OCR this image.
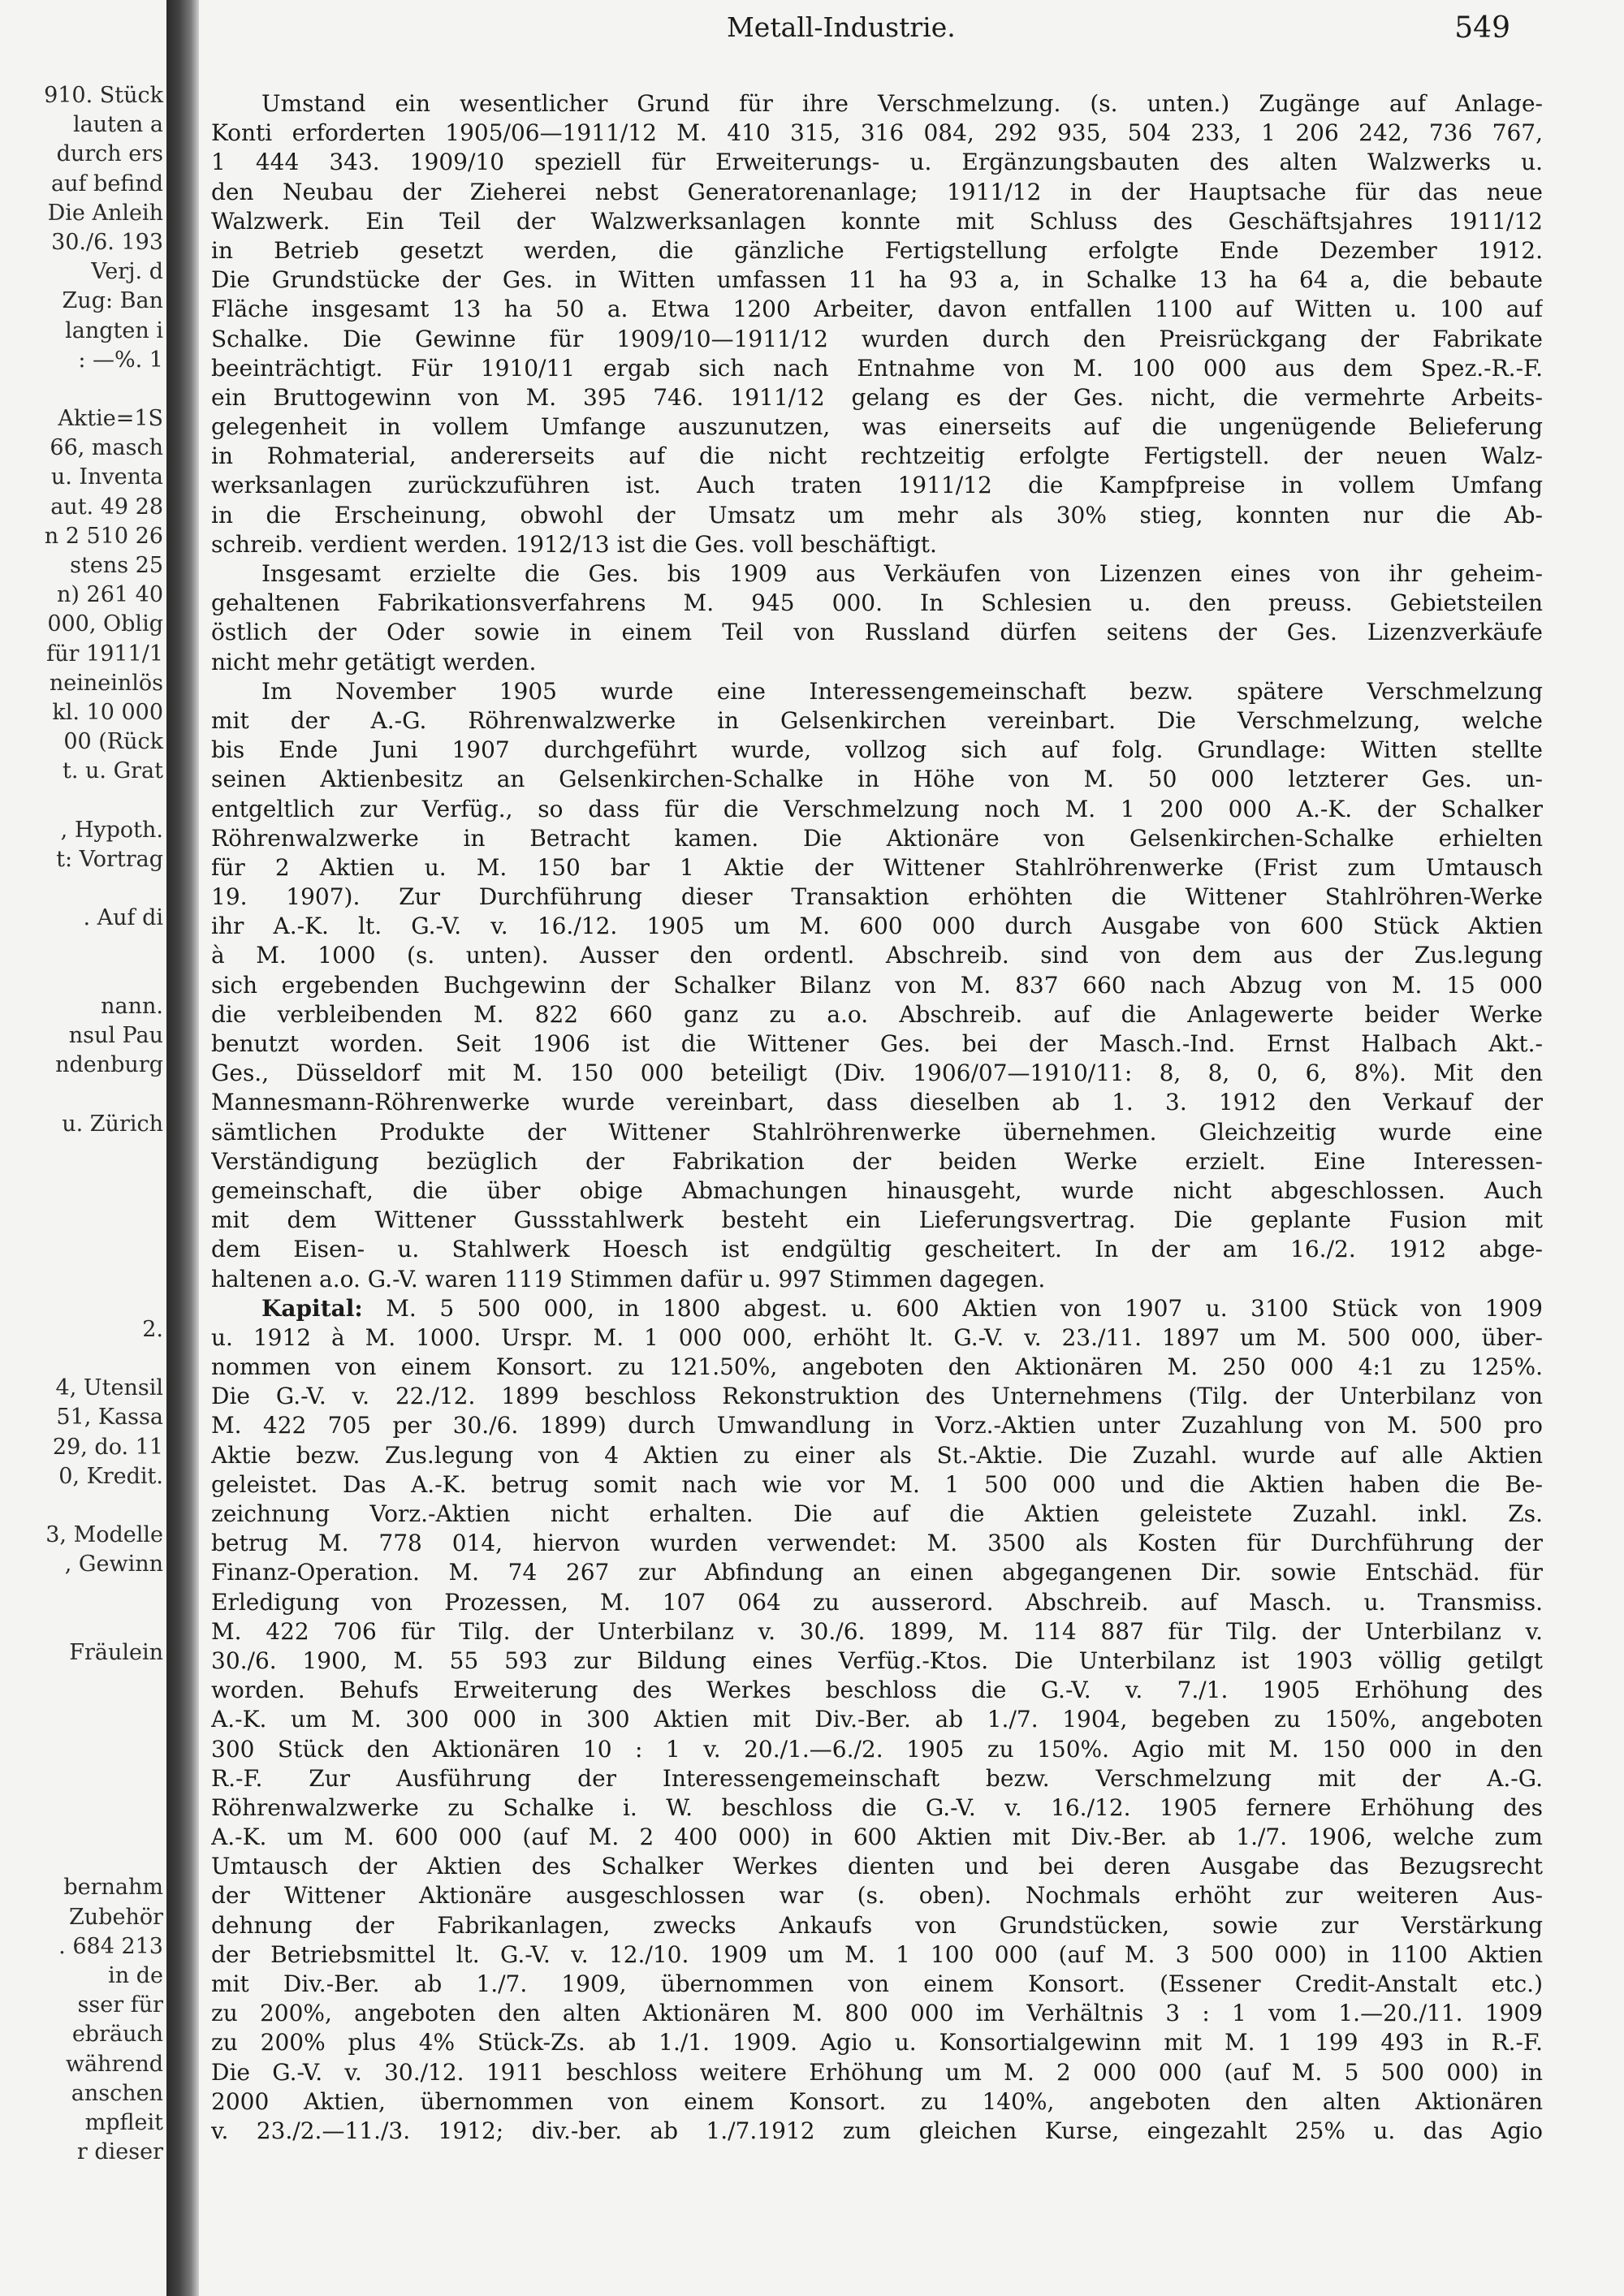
910. Stück
lauten a
durch ers
auf befind
Die Anleih
30./6. 193
Verj. d
Zug: Ban
langten i
: —%. 1
Aktie=1S
66, masch
u. Inventa
aut. 49 28
n 2 510 26
stens 25
n) 261 40
000, Oblig
für 1911/1
neineinlös
kl. 10 000
00 (Rück
t. u. Grat
, Hypoth.
t: Vortrag
. Auf di
nann.
nsul Pau
ndenburg
u. Zürich
2.
4, Utensil
51, Kassa
29, do. 11
0, Kredit.
3, Modelle
, Gewinn
Fräulein
bernahm
Zubehör
. 684 213
in de
sser für
ebräuch
während
anschen
mpfleit
r dieser
Metall-Industrie.	549
Umstand ein wesentlicher Grund für ihre Verschmelzung. (s. unten.) Zugänge auf Anlage-
Konti erforderten 1905/06—1911/12 M. 410 315, 316 084, 292 935, 504 233, 1 206 242, 736 767,
1 444 343. 1909/10 speziell für Erweiterungs- u. Ergänzungsbauten des alten Walzwerks u.
den Neubau der Zieherei nebst Generatorenanlage; 1911/12 in der Hauptsache für das neue
Walzwerk. Ein Teil der Walzwerksanlagen konnte mit Schluss des Geschäftsjahres 1911/12
in Betrieb gesetzt werden, die gänzliche Fertigstellung erfolgte Ende Dezember 1912.
Die Grundstücke der Ges. in Witten umfassen 11 ha 93 a, in Schalke 13 ha 64 a, die bebaute
Fläche insgesamt 13 ha 50 a. Etwa 1200 Arbeiter, davon entfallen 1100 auf Witten u. 100 auf
Schalke. Die Gewinne für 1909/10—1911/12 wurden durch den Preisrückgang der Fabrikate
beeinträchtigt. Für 1910/11 ergab sich nach Entnahme von M. 100 000 aus dem Spez.-R.-F.
ein Bruttogewinn von M. 395 746. 1911/12 gelang es der Ges. nicht, die vermehrte Arbeits-
gelegenheit in vollem Umfange auszunutzen, was einerseits auf die ungenügende Belieferung
in Rohmaterial, andererseits auf die nicht rechtzeitig erfolgte Fertigstell. der neuen Walz-
werksanlagen zurückzuführen ist. Auch traten 1911/12 die Kampfpreise in vollem Umfang
in die Erscheinung, obwohl der Umsatz um mehr als 30% stieg, konnten nur die Ab-
schreib. verdient werden. 1912/13 ist die Ges. voll beschäftigt.
Insgesamt erzielte die Ges. bis 1909 aus Verkäufen von Lizenzen eines von ihr geheim-
gehaltenen Fabrikationsverfahrens M. 945 000. In Schlesien u. den preuss. Gebietsteilen
östlich der Oder sowie in einem Teil von Russland dürfen seitens der Ges. Lizenzverkäufe
nicht mehr getätigt werden.
Im November 1905 wurde eine Interessengemeinschaft bezw. spätere Verschmelzung
mit der A.-G. Röhrenwalzwerke in Gelsenkirchen vereinbart. Die Verschmelzung, welche
bis Ende Juni 1907 durchgeführt wurde, vollzog sich auf folg. Grundlage: Witten stellte
seinen Aktienbesitz an Gelsenkirchen-Schalke in Höhe von M. 50 000 letzterer Ges. un-
entgeltlich zur Verfüg., so dass für die Verschmelzung noch M. 1 200 000 A.-K. der Schalker
Röhrenwalzwerke in Betracht kamen. Die Aktionäre von Gelsenkirchen-Schalke erhielten
für 2 Aktien u. M. 150 bar 1 Aktie der Wittener Stahlröhrenwerke (Frist zum Umtausch
19. 1907). Zur Durchführung dieser Transaktion erhöhten die Wittener Stahlröhren-Werke
ihr A.-K. lt. G.-V. v. 16./12. 1905 um M. 600 000 durch Ausgabe von 600 Stück Aktien
à M. 1000 (s. unten). Ausser den ordentl. Abschreib. sind von dem aus der Zus.legung
sich ergebenden Buchgewinn der Schalker Bilanz von M. 837 660 nach Abzug von M. 15 000
die verbleibenden M. 822 660 ganz zu a.o. Abschreib. auf die Anlagewerte beider Werke
benutzt worden. Seit 1906 ist die Wittener Ges. bei der Masch.-Ind. Ernst Halbach Akt.-
Ges., Düsseldorf mit M. 150 000 beteiligt (Div. 1906/07—1910/11: 8, 8, 0, 6, 8%). Mit den
Mannesmann-Röhrenwerke wurde vereinbart, dass dieselben ab 1. 3. 1912 den Verkauf der
sämtlichen Produkte der Wittener Stahlröhrenwerke übernehmen. Gleichzeitig wurde eine
Verständigung bezüglich der Fabrikation der beiden Werke erzielt. Eine Interessen-
gemeinschaft, die über obige Abmachungen hinausgeht, wurde nicht abgeschlossen. Auch
mit dem Wittener Gussstahlwerk besteht ein Lieferungsvertrag. Die geplante Fusion mit
dem Eisen- u. Stahlwerk Hoesch ist endgültig gescheitert. In der am 16./2. 1912 abge-
haltenen a.o. G.-V. waren 1119 Stimmen dafür u. 997 Stimmen dagegen.
Kapital: M. 5 500 000, in 1800 abgest. u. 600 Aktien von 1907 u. 3100 Stück von 1909
u. 1912 à M. 1000. Urspr. M. 1 000 000, erhöht lt. G.-V. v. 23./11. 1897 um M. 500 000, über-
nommen von einem Konsort. zu 121.50%, angeboten den Aktionären M. 250 000 4:1 zu 125%.
Die G.-V. v. 22./12. 1899 beschloss Rekonstruktion des Unternehmens (Tilg. der Unterbilanz von
M. 422 705 per 30./6. 1899) durch Umwandlung in Vorz.-Aktien unter Zuzahlung von M. 500 pro
Aktie bezw. Zus.legung von 4 Aktien zu einer als St.-Aktie. Die Zuzahl. wurde auf alle Aktien
geleistet. Das A.-K. betrug somit nach wie vor M. 1 500 000 und die Aktien haben die Be-
zeichnung Vorz.-Aktien nicht erhalten. Die auf die Aktien geleistete Zuzahl. inkl. Zs.
betrug M. 778 014, hiervon wurden verwendet: M. 3500 als Kosten für Durchführung der
Finanz-Operation. M. 74 267 zur Abfindung an einen abgegangenen Dir. sowie Entschäd. für
Erledigung von Prozessen, M. 107 064 zu ausserord. Abschreib. auf Masch. u. Transmiss.
M. 422 706 für Tilg. der Unterbilanz v. 30./6. 1899, M. 114 887 für Tilg. der Unterbilanz v.
30./6. 1900, M. 55 593 zur Bildung eines Verfüg.-Ktos. Die Unterbilanz ist 1903 völlig getilgt
worden. Behufs Erweiterung des Werkes beschloss die G.-V. v. 7./1. 1905 Erhöhung des
A.-K. um M. 300 000 in 300 Aktien mit Div.-Ber. ab 1./7. 1904, begeben zu 150%, angeboten
300 Stück den Aktionären 10 : 1 v. 20./1.—6./2. 1905 zu 150%. Agio mit M. 150 000 in den
R.-F. Zur Ausführung der Interessengemeinschaft bezw. Verschmelzung mit der A.-G.
Röhrenwalzwerke zu Schalke i. W. beschloss die G.-V. v. 16./12. 1905 fernere Erhöhung des
A.-K. um M. 600 000 (auf M. 2 400 000) in 600 Aktien mit Div.-Ber. ab 1./7. 1906, welche zum
Umtausch der Aktien des Schalker Werkes dienten und bei deren Ausgabe das Bezugsrecht
der Wittener Aktionäre ausgeschlossen war (s. oben). Nochmals erhöht zur weiteren Aus-
dehnung der Fabrikanlagen, zwecks Ankaufs von Grundstücken, sowie zur Verstärkung
der Betriebsmittel lt. G.-V. v. 12./10. 1909 um M. 1 100 000 (auf M. 3 500 000) in 1100 Aktien
mit Div.-Ber. ab 1./7. 1909, übernommen von einem Konsort. (Essener Credit-Anstalt etc.)
zu 200%, angeboten den alten Aktionären M. 800 000 im Verhältnis 3 : 1 vom 1.—20./11. 1909
zu 200% plus 4% Stück-Zs. ab 1./1. 1909. Agio u. Konsortialgewinn mit M. 1 199 493 in R.-F.
Die G.-V. v. 30./12. 1911 beschloss weitere Erhöhung um M. 2 000 000 (auf M. 5 500 000) in
2000 Aktien, übernommen von einem Konsort. zu 140%, angeboten den alten Aktionären
v. 23./2.—11./3. 1912; div.-ber. ab 1./7.1912 zum gleichen Kurse, eingezahlt 25% u. das Agio
